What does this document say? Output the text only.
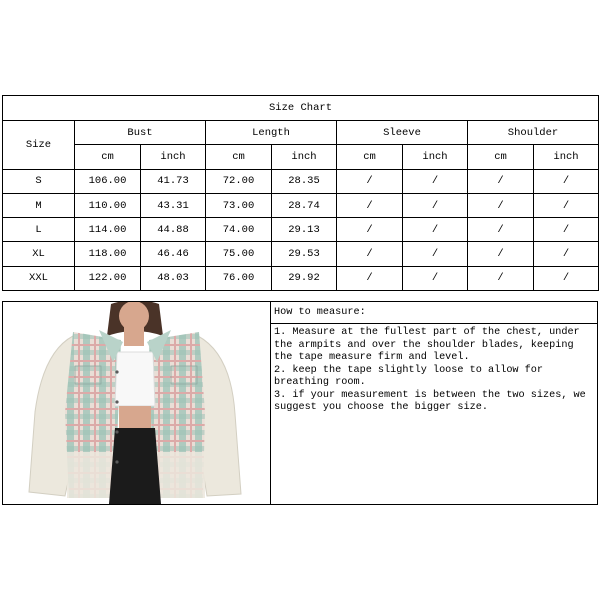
Size Chart								
Size	Bust		Length		Sleeve		Shoulder	
	cm	inch	cm	inch	cm	inch	cm	inch
S	106.00	41.73	72.00	28.35	/	/	/	/
M	110.00	43.31	73.00	28.74	/	/	/	/
L	114.00	44.88	74.00	29.13	/	/	/	/
XL	118.00	46.46	75.00	29.53	/	/	/	/
XXL	122.00	48.03	76.00	29.92	/	/	/	/
How to measure:

1. Measure at the fullest part of the chest, under the armpits and over the shoulder blades, keeping the tape measure firm and level.

2. keep the tape slightly loose to allow for breathing room.

3. if your measurement is between the two sizes, we suggest you choose the bigger size.
